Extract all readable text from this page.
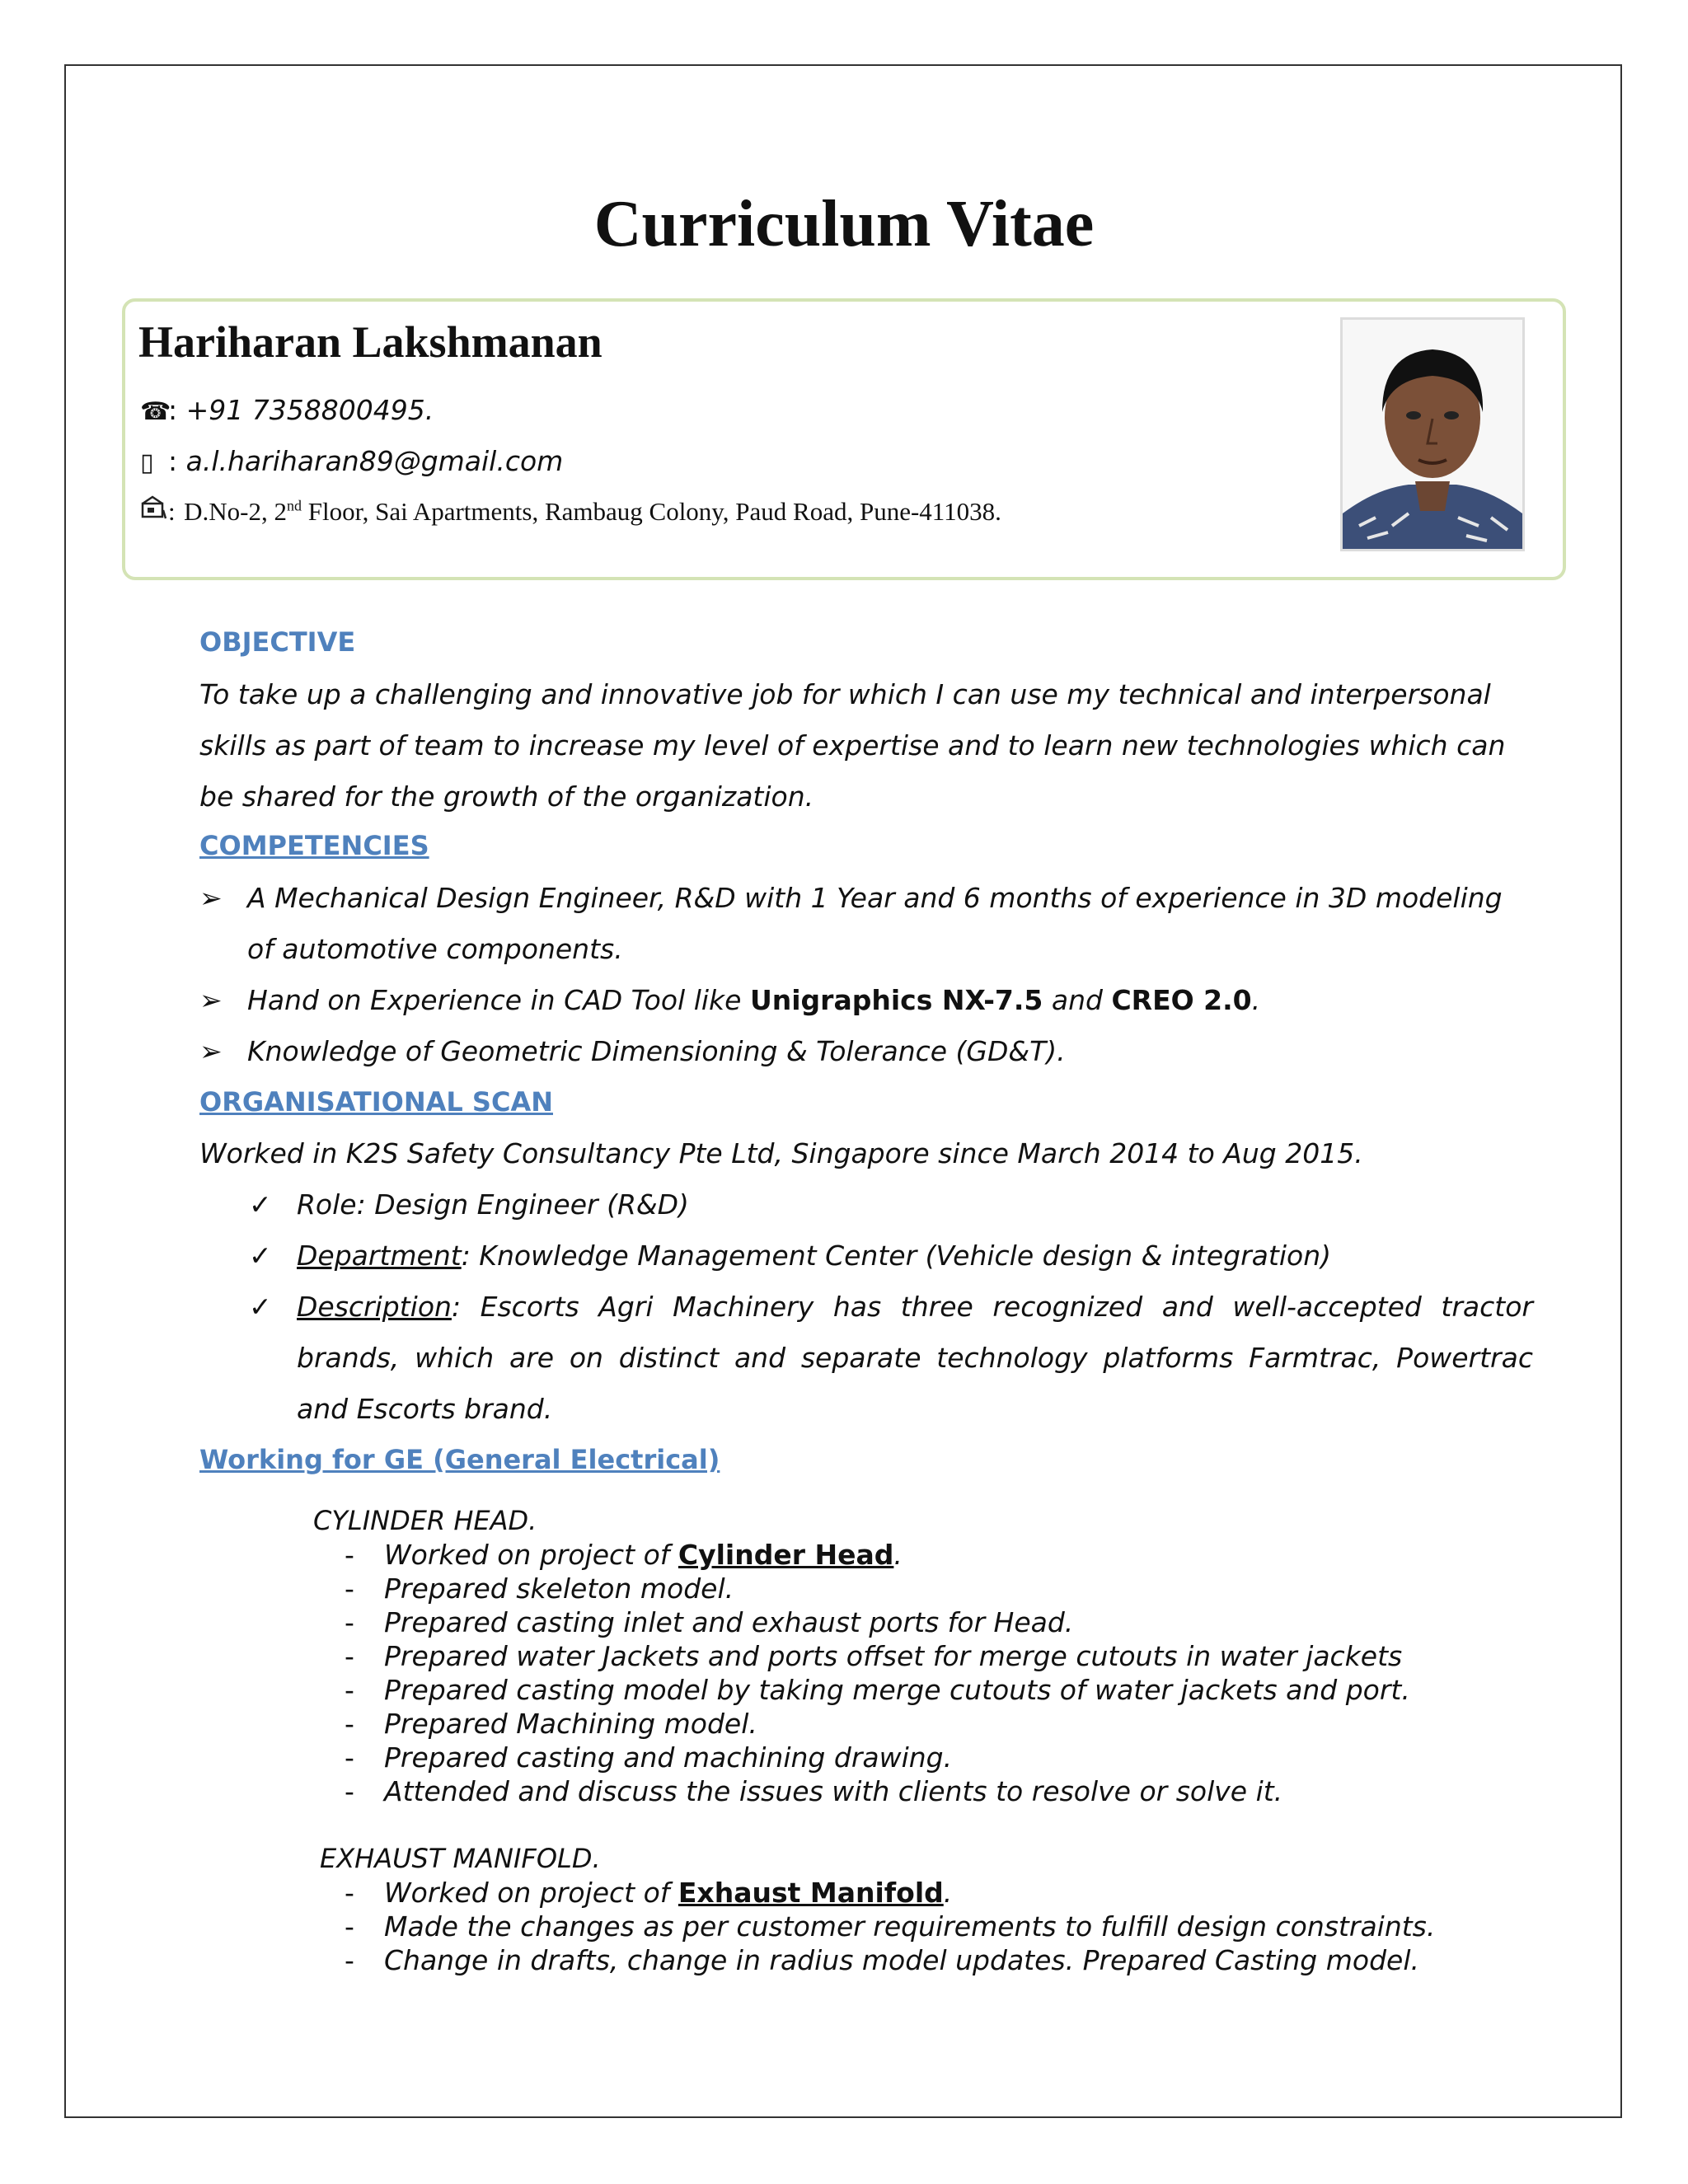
Curriculum Vitae
Hariharan Lakshmanan
☎: +91 7358800495.
▯ : a.l.hariharan89@gmail.com
: D.No-2, 2nd Floor, Sai Apartments, Rambaug Colony, Paud Road, Pune-411038.
OBJECTIVE
To take up a challenging and innovative job for which I can use my technical and interpersonal
skills as part of team to increase my level of expertise and to learn new technologies which can
be shared for the growth of the organization.
COMPETENCIES
➢ A Mechanical Design Engineer, R&D with 1 Year and 6 months of experience in 3D modeling
of automotive components.
➢ Hand on Experience in CAD Tool like Unigraphics NX-7.5 and CREO 2.0.
➢ Knowledge of Geometric Dimensioning & Tolerance (GD&T).
ORGANISATIONAL SCAN
Worked in K2S Safety Consultancy Pte Ltd, Singapore since March 2014 to Aug 2015.
✓ Role: Design Engineer (R&D)
✓ Department: Knowledge Management Center (Vehicle design & integration)
✓ Description: Escorts Agri Machinery has three recognized and well-accepted tractor
brands, which are on distinct and separate technology platforms Farmtrac, Powertrac
and Escorts brand.
Working for GE (General Electrical)
CYLINDER HEAD.
- Worked on project of Cylinder Head.
- Prepared skeleton model.
- Prepared casting inlet and exhaust ports for Head.
- Prepared water Jackets and ports offset for merge cutouts in water jackets
- Prepared casting model by taking merge cutouts of water jackets and port.
- Prepared Machining model.
- Prepared casting and machining drawing.
- Attended and discuss the issues with clients to resolve or solve it.
EXHAUST MANIFOLD.
- Worked on project of Exhaust Manifold.
- Made the changes as per customer requirements to fulfill design constraints.
- Change in drafts, change in radius model updates. Prepared Casting model.
